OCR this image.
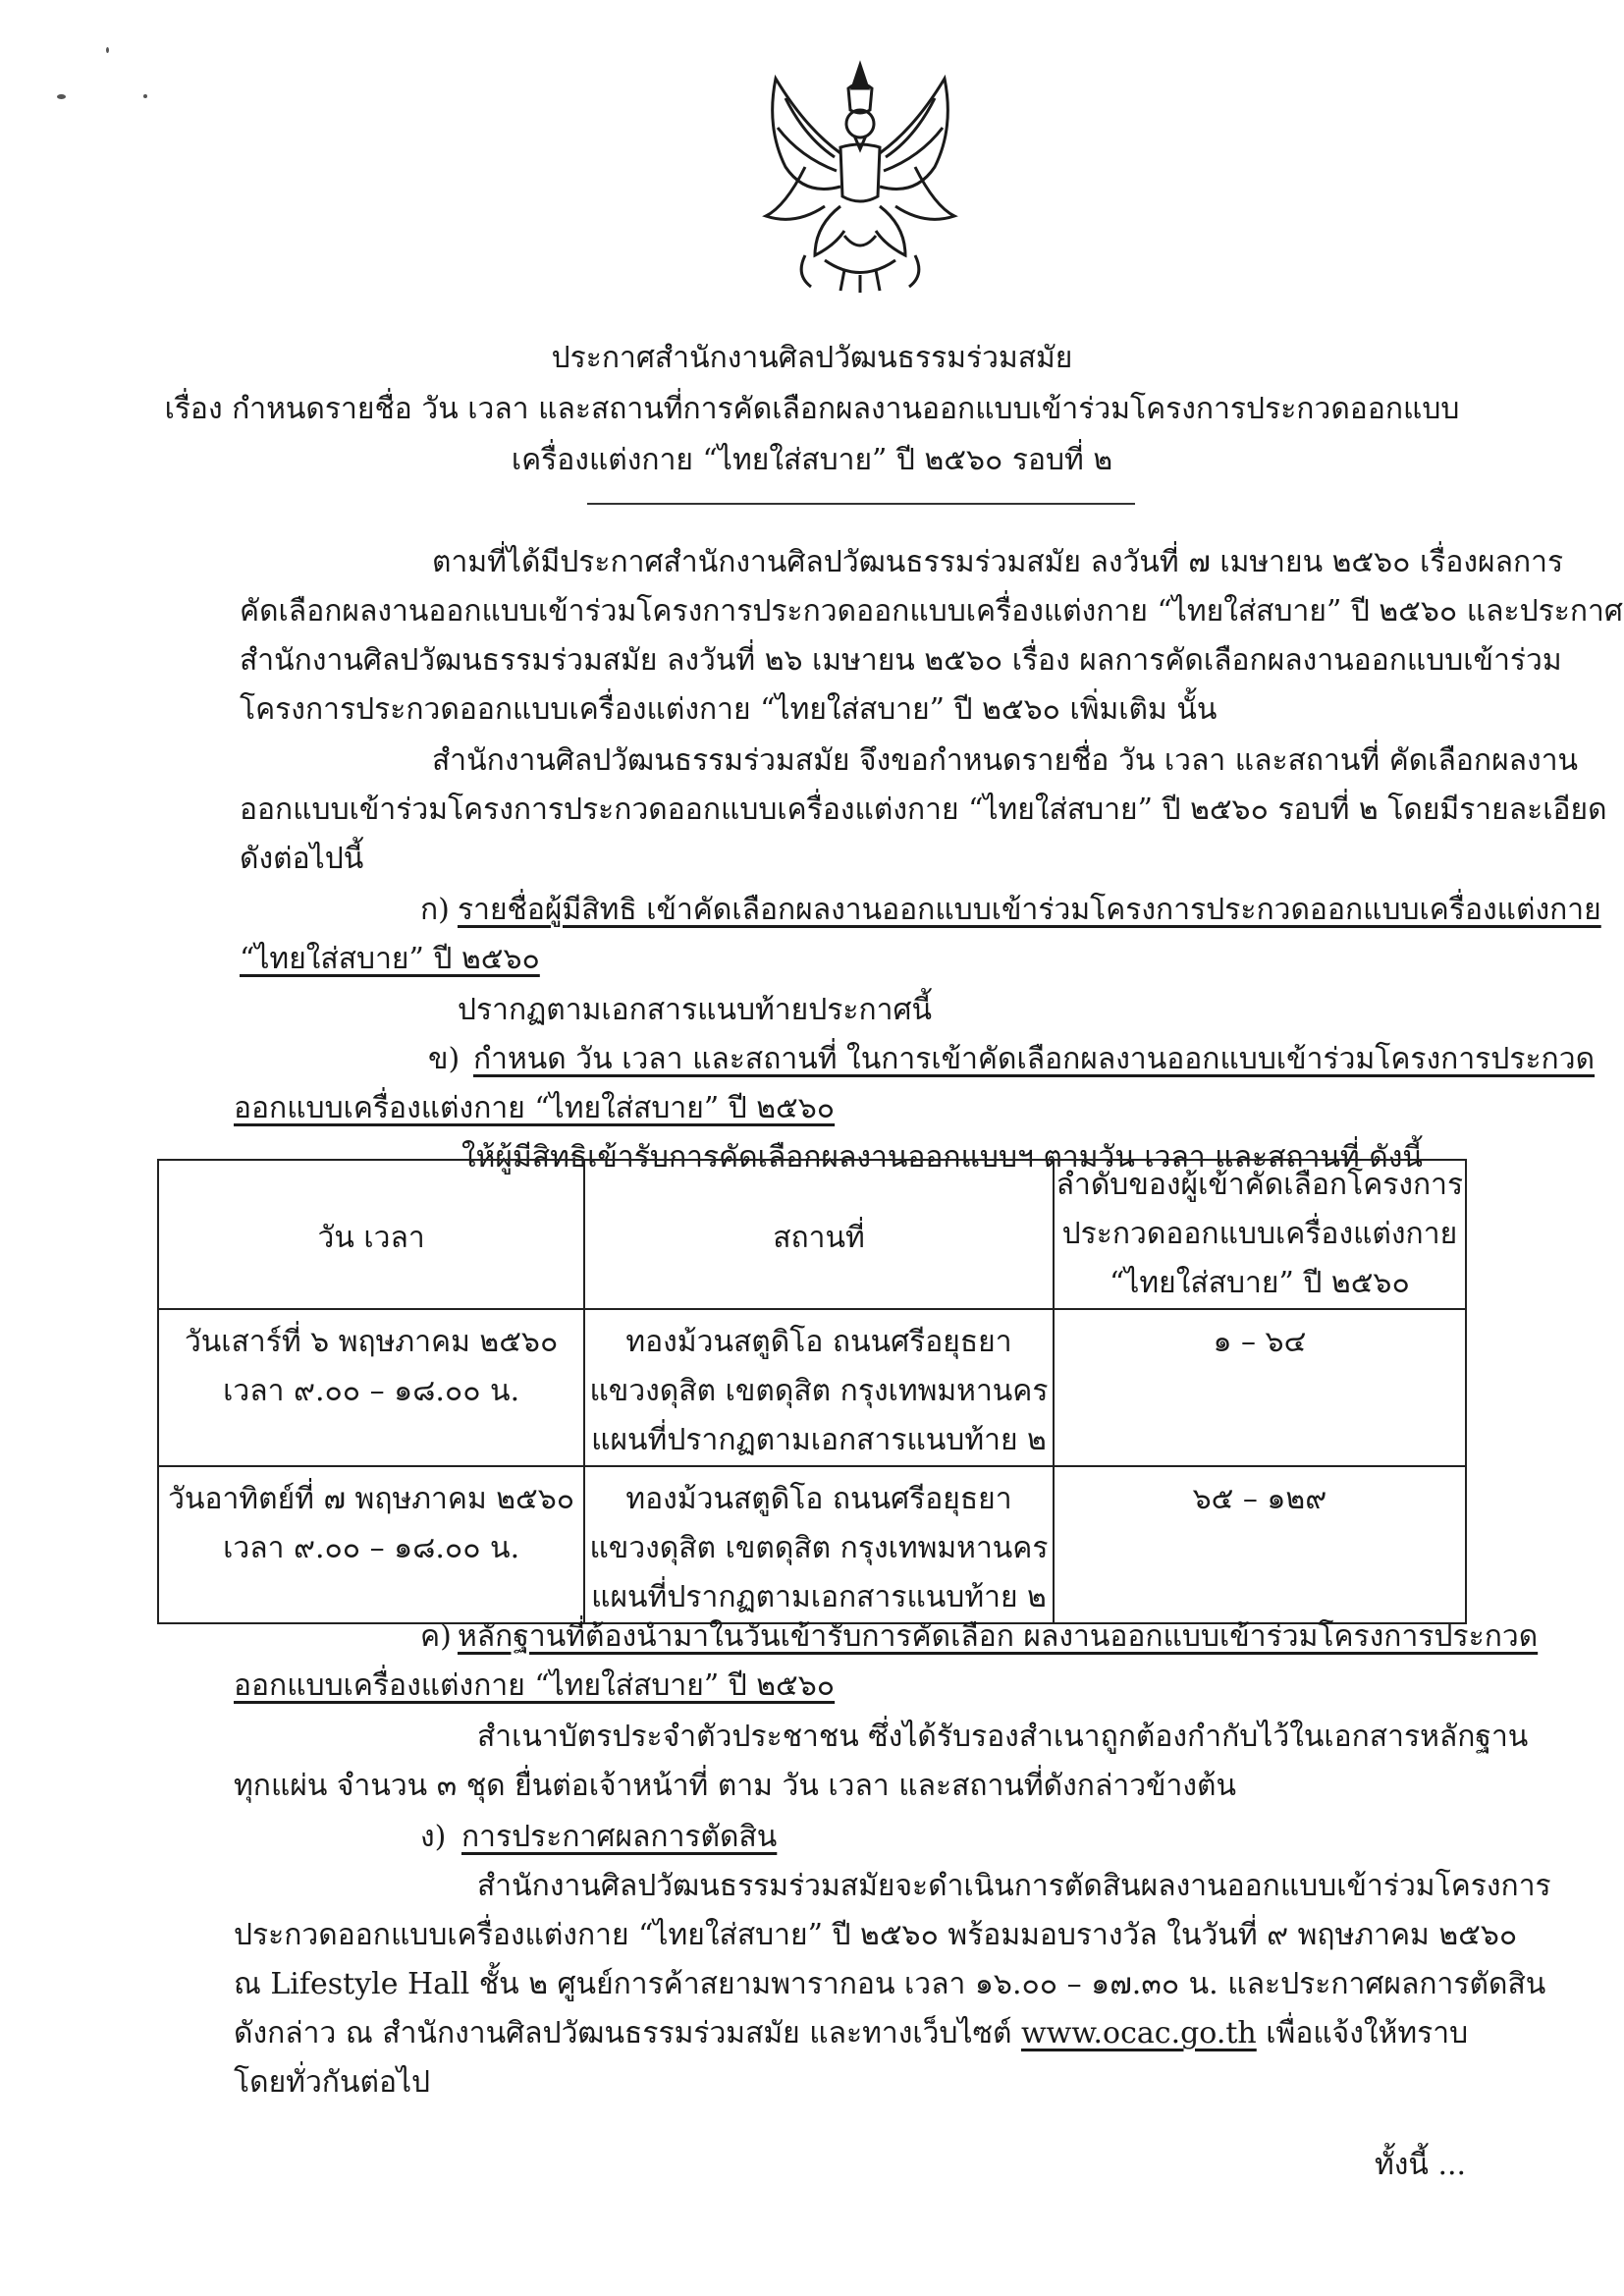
ประกาศสำนักงานศิลปวัฒนธรรมร่วมสมัย
เรื่อง กำหนดรายชื่อ วัน เวลา และสถานที่การคัดเลือกผลงานออกแบบเข้าร่วมโครงการประกวดออกแบบ
เครื่องแต่งกาย “ไทยใส่สบาย” ปี ๒๕๖๐ รอบที่ ๒
ตามที่ได้มีประกาศสำนักงานศิลปวัฒนธรรมร่วมสมัย ลงวันที่ ๗ เมษายน ๒๕๖๐ เรื่องผลการ
คัดเลือกผลงานออกแบบเข้าร่วมโครงการประกวดออกแบบเครื่องแต่งกาย “ไทยใส่สบาย” ปี ๒๕๖๐ และประกาศ
สำนักงานศิลปวัฒนธรรมร่วมสมัย ลงวันที่ ๒๖ เมษายน ๒๕๖๐ เรื่อง ผลการคัดเลือกผลงานออกแบบเข้าร่วม
โครงการประกวดออกแบบเครื่องแต่งกาย “ไทยใส่สบาย” ปี ๒๕๖๐ เพิ่มเติม นั้น
สำนักงานศิลปวัฒนธรรมร่วมสมัย จึงขอกำหนดรายชื่อ วัน เวลา และสถานที่ คัดเลือกผลงาน
ออกแบบเข้าร่วมโครงการประกวดออกแบบเครื่องแต่งกาย “ไทยใส่สบาย” ปี ๒๕๖๐ รอบที่ ๒ โดยมีรายละเอียด
ดังต่อไปนี้
ก) รายชื่อผู้มีสิทธิ เข้าคัดเลือกผลงานออกแบบเข้าร่วมโครงการประกวดออกแบบเครื่องแต่งกาย
“ไทยใส่สบาย” ปี ๒๕๖๐
ปรากฏตามเอกสารแนบท้ายประกาศนี้
ข) กำหนด วัน เวลา และสถานที่ ในการเข้าคัดเลือกผลงานออกแบบเข้าร่วมโครงการประกวด
ออกแบบเครื่องแต่งกาย “ไทยใส่สบาย” ปี ๒๕๖๐
ให้ผู้มีสิทธิเข้ารับการคัดเลือกผลงานออกแบบฯ ตามวัน เวลา และสถานที่ ดังนี้
วัน เวลา	สถานที่	ลำดับของผู้เข้าคัดเลือกโครงการ
ประกวดออกแบบเครื่องแต่งกาย
“ไทยใส่สบาย” ปี ๒๕๖๐

วันเสาร์ที่ ๖ พฤษภาคม ๒๕๖๐
เวลา ๙.๐๐ – ๑๘.๐๐ น.	ทองม้วนสตูดิโอ ถนนศรีอยุธยา
แขวงดุสิต เขตดุสิต กรุงเทพมหานคร
แผนที่ปรากฏตามเอกสารแนบท้าย ๒	๑ – ๖๔

วันอาทิตย์ที่ ๗ พฤษภาคม ๒๕๖๐
เวลา ๙.๐๐ – ๑๘.๐๐ น.	ทองม้วนสตูดิโอ ถนนศรีอยุธยา
แขวงดุสิต เขตดุสิต กรุงเทพมหานคร
แผนที่ปรากฏตามเอกสารแนบท้าย ๒	๖๕ – ๑๒๙
ค) หลักฐานที่ต้องนำมาในวันเข้ารับการคัดเลือก ผลงานออกแบบเข้าร่วมโครงการประกวด
ออกแบบเครื่องแต่งกาย “ไทยใส่สบาย” ปี ๒๕๖๐
สำเนาบัตรประจำตัวประชาชน ซึ่งได้รับรองสำเนาถูกต้องกำกับไว้ในเอกสารหลักฐาน
ทุกแผ่น จำนวน ๓ ชุด ยื่นต่อเจ้าหน้าที่ ตาม วัน เวลา และสถานที่ดังกล่าวข้างต้น
ง) การประกาศผลการตัดสิน
สำนักงานศิลปวัฒนธรรมร่วมสมัยจะดำเนินการตัดสินผลงานออกแบบเข้าร่วมโครงการ
ประกวดออกแบบเครื่องแต่งกาย “ไทยใส่สบาย” ปี ๒๕๖๐ พร้อมมอบรางวัล ในวันที่ ๙ พฤษภาคม ๒๕๖๐
ณ Lifestyle Hall ชั้น ๒ ศูนย์การค้าสยามพารากอน เวลา ๑๖.๐๐ – ๑๗.๓๐ น. และประกาศผลการตัดสิน
ดังกล่าว ณ สำนักงานศิลปวัฒนธรรมร่วมสมัย และทางเว็บไซต์ www.ocac.go.th เพื่อแจ้งให้ทราบ
โดยทั่วกันต่อไป
ทั้งนี้ ...
